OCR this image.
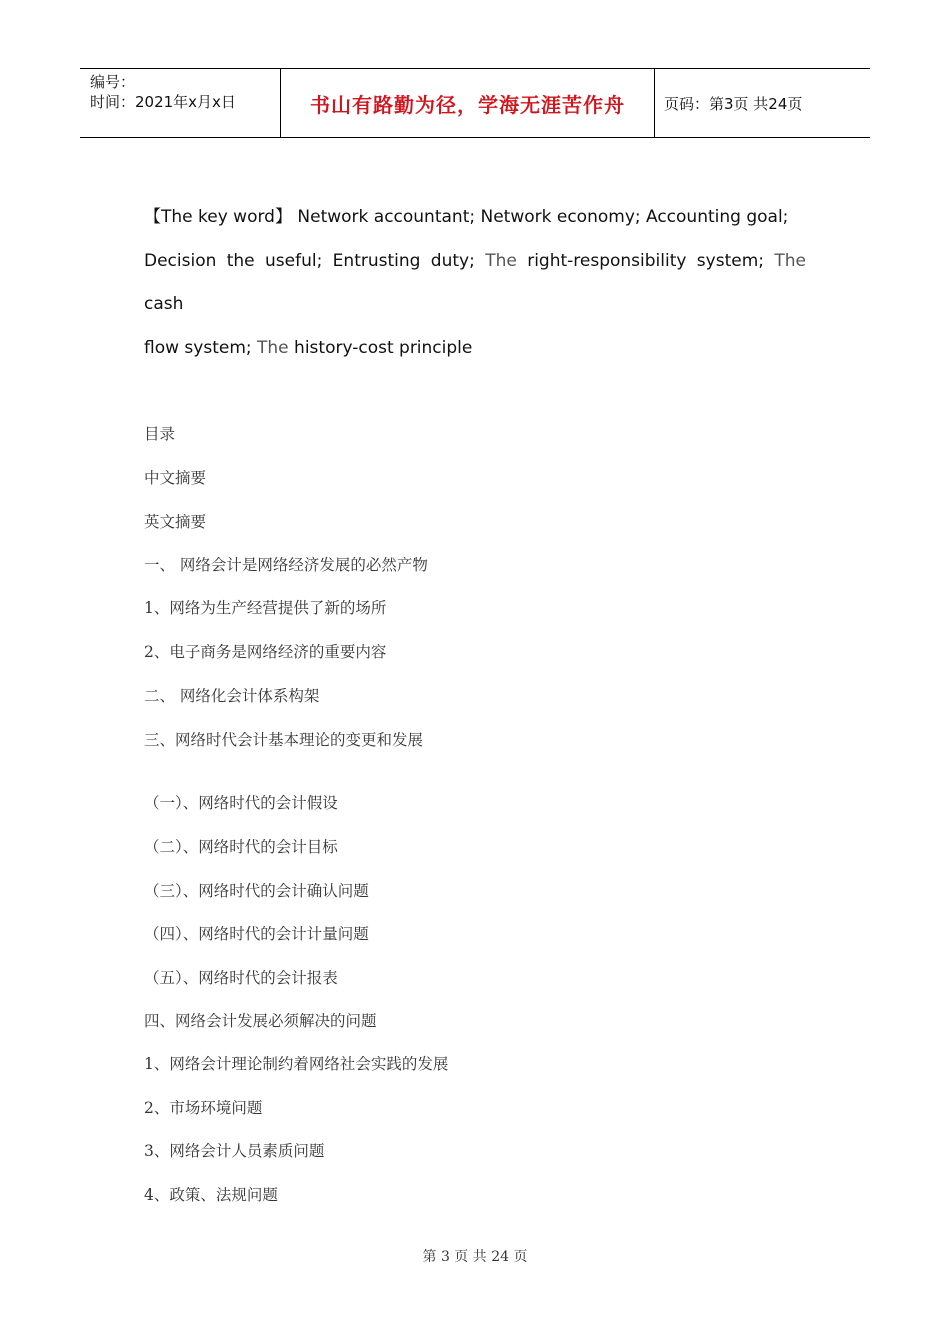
编号：
时间：2021年x月x日	书山有路勤为径，学海无涯苦作舟	页码：第3页 共24页
【The key word】 Network accountant; Network economy; Accounting goal;
Decision the useful; Entrusting duty; The right-responsibility system; The cash
flow system; The history-cost principle
目录
中文摘要
英文摘要
一、 网络会计是网络经济发展的必然产物
1、网络为生产经营提供了新的场所
2、电子商务是网络经济的重要内容
二、 网络化会计体系构架
三、网络时代会计基本理论的变更和发展
（一）、网络时代的会计假设
（二）、网络时代的会计目标
（三）、网络时代的会计确认问题
（四）、网络时代的会计计量问题
（五）、网络时代的会计报表
四、网络会计发展必须解决的问题
1、网络会计理论制约着网络社会实践的发展
2、市场环境问题
3、网络会计人员素质问题
4、政策、法规问题
第 3 页 共 24 页
